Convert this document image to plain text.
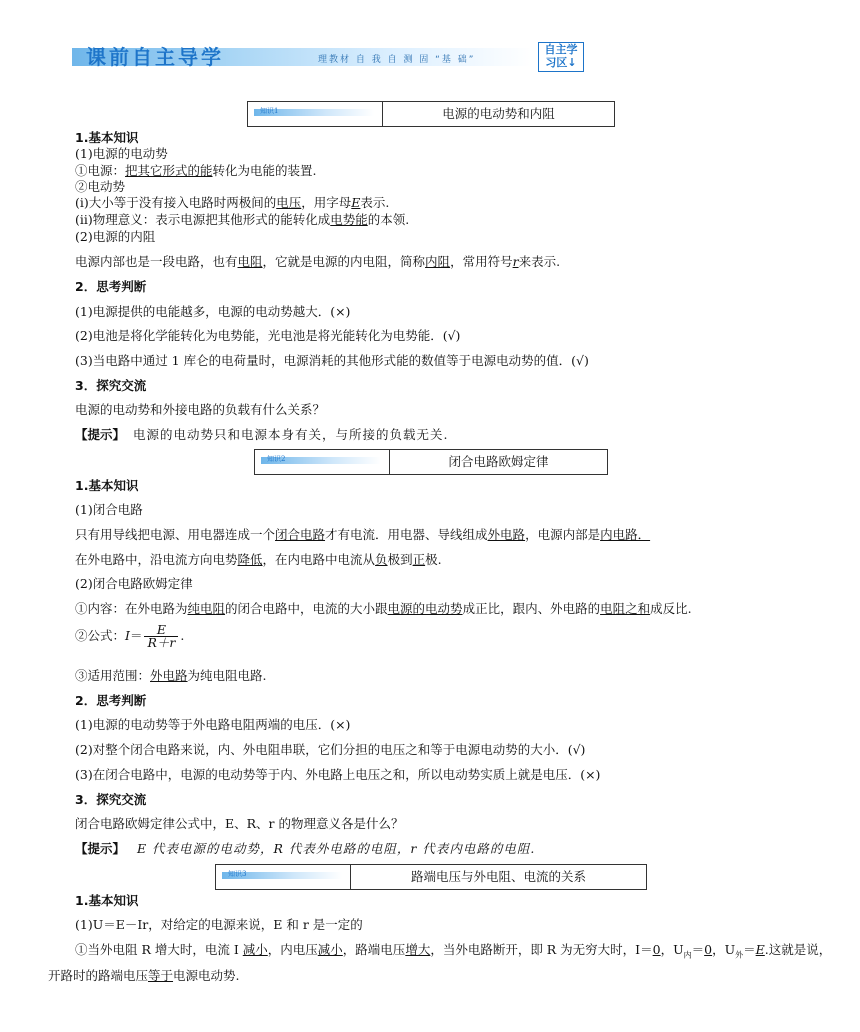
课前自主导学	理教材 自 我 自 测 固 “基 础”
自主学
习区↓
知识1	电源的电动势和内阻
1.基本知识
(1)电源的电动势
①电源：把其它形式的能转化为电能的装置.
②电动势
(ⅰ)大小等于没有接入电路时两极间的电压，用字母E表示.
(ⅱ)物理意义：表示电源把其他形式的能转化成电势能的本领.
(2)电源的内阻
电源内部也是一段电路，也有电阻，它就是电源的内电阻，简称内阻，常用符号r来表示.
2．思考判断
(1)电源提供的电能越多，电源的电动势越大．(×)
(2)电池是将化学能转化为电势能，光电池是将光能转化为电势能．(√)
(3)当电路中通过 1 库仑的电荷量时，电源消耗的其他形式能的数值等于电源电动势的值．(√)
3．探究交流
电源的电动势和外接电路的负载有什么关系？
【提示】 电源的电动势只和电源本身有关，与所接的负载无关.
知识2	闭合电路欧姆定律
1.基本知识
(1)闭合电路
只有用导线把电源、用电器连成一个闭合电路才有电流．用电器、导线组成外电路，电源内部是内电路．
在外电路中，沿电流方向电势降低，在内电路中电流从负极到正极.
(2)闭合电路欧姆定律
①内容：在外电路为纯电阻的闭合电路中，电流的大小跟电源的电动势成正比，跟内、外电路的电阻之和成反比.
②公式：$I= \frac{E}{R+r}$ .
③适用范围：外电路为纯电阻电路.
2．思考判断
(1)电源的电动势等于外电路电阻两端的电压．(×)
(2)对整个闭合电路来说，内、外电阻串联，它们分担的电压之和等于电源电动势的大小．(√)
(3)在闭合电路中，电源的电动势等于内、外电路上电压之和，所以电动势实质上就是电压．(×)
3．探究交流
闭合电路欧姆定律公式中，E、R、r 的物理意义各是什么？
【提示】 E 代表电源的电动势，R 代表外电路的电阻，r 代表内电路的电阻.
知识3	路端电压与外电阻、电流的关系
1.基本知识
(1)U＝E－Ir，对给定的电源来说，E 和 r 是一定的
①当外电阻 R 增大时，电流 I 减小，内电压减小，路端电压增大，当外电路断开，即 R 为无穷大时，I＝0，$U_内=0$，$U_外=E$.这就是说，
开路时的路端电压等于电源电动势.
